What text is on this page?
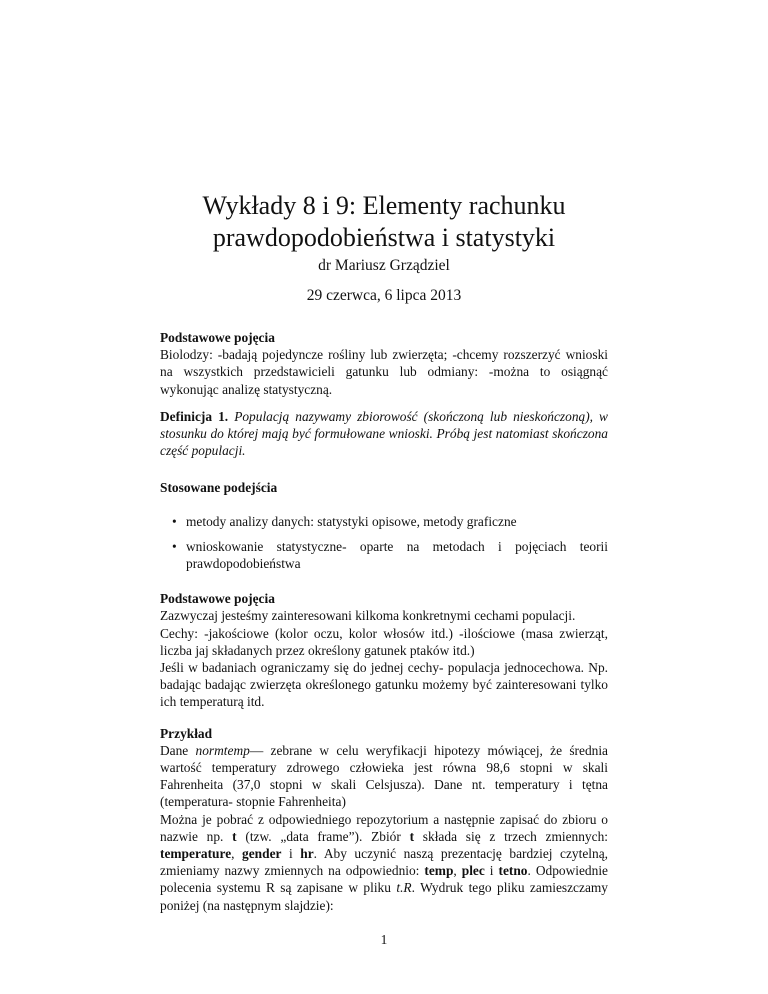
Wykłady 8 i 9: Elementy rachunku
prawdopodobieństwa i statystyki
dr Mariusz Grządziel
29 czerwca, 6 lipca 2013

Podstawowe pojęcia

Biolodzy: -badają pojedyncze rośliny lub zwierzęta; -chcemy rozszerzyć wnioski na wszystkich przedstawicieli gatunku lub odmiany: -można to osiągnąć wykonując analizę statystyczną.

Definicja 1. Populacją nazywamy zbiorowość (skończoną lub nieskończoną), w stosunku do której mają być formułowane wnioski. Próbą jest natomiast skończona część populacji.

Stosowane podejścia

• metody analizy danych: statystyki opisowe, metody graficzne
• wnioskowanie statystyczne- oparte na metodach i pojęciach teorii prawdopodobieństwa

Podstawowe pojęcia

Zazwyczaj jesteśmy zainteresowani kilkoma konkretnymi cechami populacji.

Cechy: -jakościowe (kolor oczu, kolor włosów itd.) -ilościowe (masa zwierząt, liczba jaj składanych przez określony gatunek ptaków itd.)

Jeśli w badaniach ograniczamy się do jednej cechy- populacja jednocechowa. Np. badając badając zwierzęta określonego gatunku możemy być zainteresowani tylko ich temperaturą itd.

Przykład

Dane normtemp— zebrane w celu weryfikacji hipotezy mówiącej, że średnia wartość temperatury zdrowego człowieka jest równa 98,6 stopni w skali Fahrenheita (37,0 stopni w skali Celsjusza). Dane nt. temperatury i tętna (temperatura- stopnie Fahrenheita)

Można je pobrać z odpowiedniego repozytorium a następnie zapisać do zbioru o nazwie np. t (tzw. „data frame”). Zbiór t składa się z trzech zmiennych: temperature, gender i hr. Aby uczynić naszą prezentację bardziej czytelną, zmieniamy nazwy zmiennych na odpowiednio: temp, plec i tetno. Odpowiednie polecenia systemu R są zapisane w pliku t.R. Wydruk tego pliku zamieszczamy poniżej (na następnym slajdzie):

1
